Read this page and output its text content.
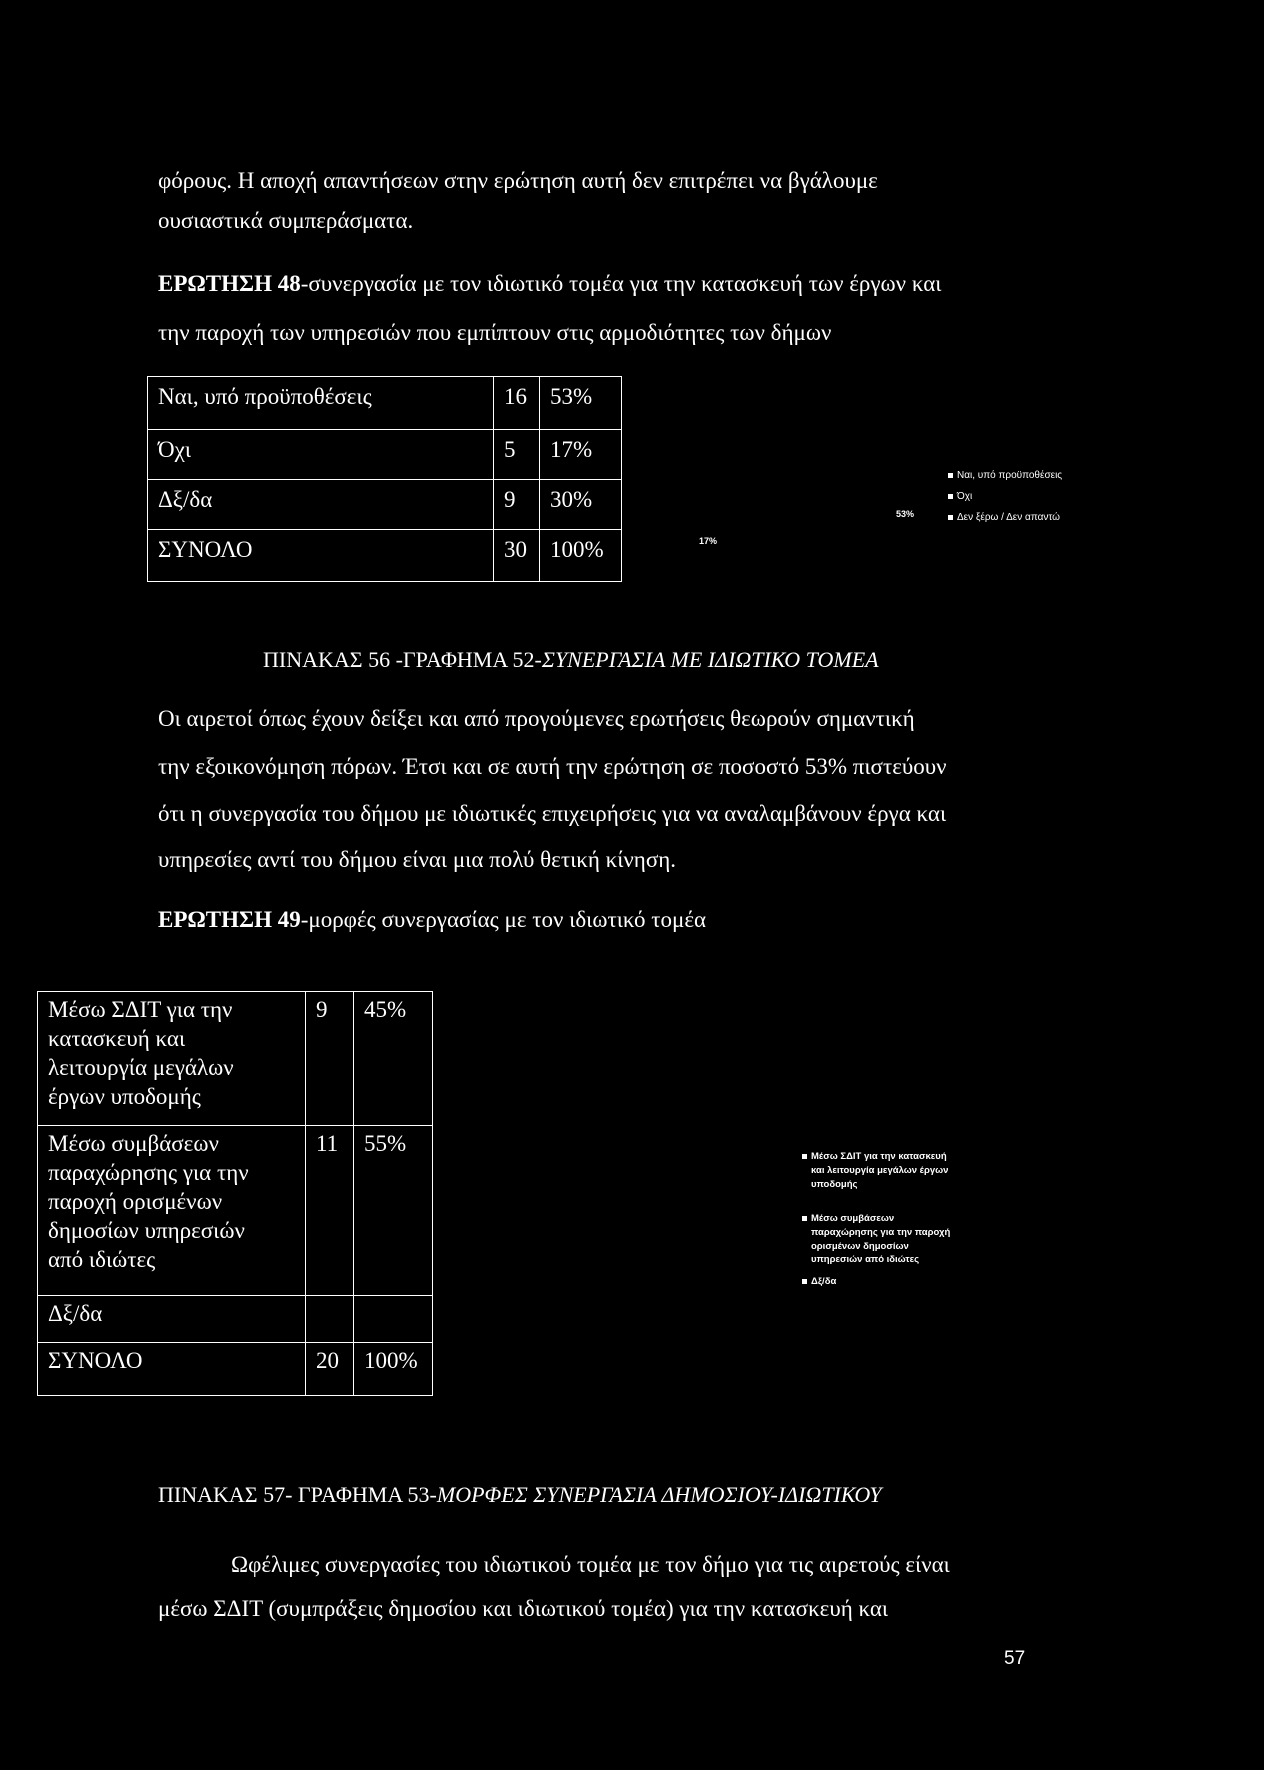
φόρους. Η αποχή απαντήσεων στην ερώτηση αυτή δεν επιτρέπει να βγάλουμε
ουσιαστικά συμπεράσματα.
ΕΡΩΤΗΣΗ 48-συνεργασία με τον ιδιωτικό τομέα για την κατασκευή των έργων και
την παροχή των υπηρεσιών που εμπίπτουν στις αρμοδιότητες των δήμων
Ναι, υπό προϋποθέσεις	16	53%
Όχι	5	17%
Δξ/δα	9	30%
ΣΥΝΟΛΟ	30	100%	17%
53%
Ναι, υπό προϋποθέσεις
Όχι
Δεν ξέρω / Δεν απαντώ
ΠΙΝΑΚΑΣ 56 -ΓΡΑΦΗΜΑ 52-ΣΥΝΕΡΓΑΣΙΑ ΜΕ ΙΔΙΩΤΙΚΟ ΤΟΜΕΑ
Οι αιρετοί όπως έχουν δείξει και από προγούμενες ερωτήσεις θεωρούν σημαντική
την εξοικονόμηση πόρων. Έτσι και σε αυτή την ερώτηση σε ποσοστό 53% πιστεύουν
ότι η συνεργασία του δήμου με ιδιωτικές επιχειρήσεις για να αναλαμβάνουν έργα και
υπηρεσίες αντί του δήμου είναι μια πολύ θετική κίνηση.
ΕΡΩΤΗΣΗ 49-μορφές συνεργασίας με τον ιδιωτικό τομέα
Μέσω ΣΔΙΤ για την
κατασκευή και
λειτουργία μεγάλων
έργων υποδομής	9	45%

Μέσω συμβάσεων
παραχώρησης για την
παροχή ορισμένων
δημοσίων υπηρεσιών
από ιδιώτες	11	55%

Δξ/δα		

ΣΥΝΟΛΟ	20	100%
Μέσω ΣΔΙΤ για την κατασκευή
και λειτουργία μεγάλων έργων
υποδομής
Μέσω συμβάσεων
παραχώρησης για την παροχή
ορισμένων δημοσίων
υπηρεσιών από ιδιώτες
Δξ/δα
ΠΙΝΑΚΑΣ 57- ΓΡΑΦΗΜΑ 53-ΜΟΡΦΕΣ ΣΥΝΕΡΓΑΣΙΑ ΔΗΜΟΣΙΟΥ-ΙΔΙΩΤΙΚΟΥ
Ωφέλιμες συνεργασίες του ιδιωτικού τομέα με τον δήμο για τις αιρετούς είναι
μέσω ΣΔΙΤ (συμπράξεις δημοσίου και ιδιωτικού τομέα) για την κατασκευή και
57
